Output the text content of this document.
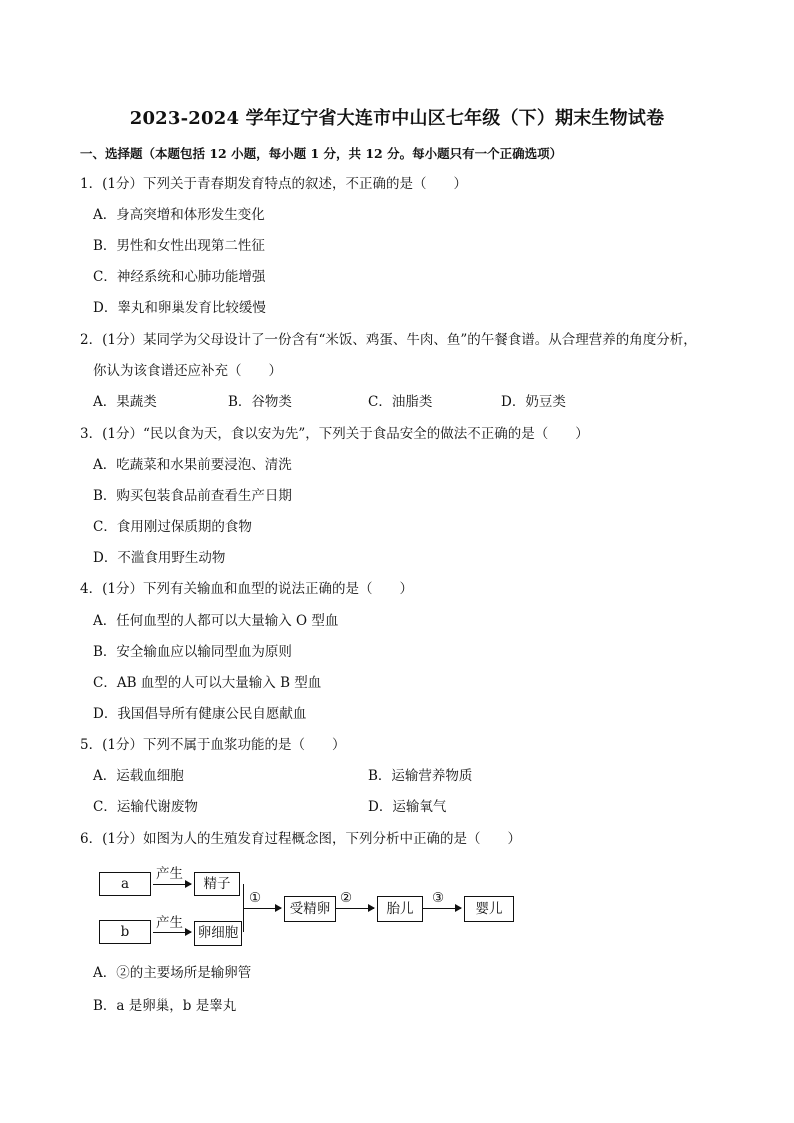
2023-2024 学年辽宁省大连市中山区七年级（下）期末生物试卷
一、选择题（本题包括 12 小题，每小题 1 分，共 12 分。每小题只有一个正确选项）
1．(1分）下列关于青春期发育特点的叙述，不正确的是（　　）
A．身高突增和体形发生变化
B．男性和女性出现第二性征
C．神经系统和心肺功能增强
D．睾丸和卵巢发育比较缓慢
2．(1分）某同学为父母设计了一份含有“米饭、鸡蛋、牛肉、鱼”的午餐食谱。从合理营养的角度分析，
你认为该食谱还应补充（　　）
A．果蔬类	B．谷物类	C．油脂类	D．奶豆类
3．(1分）“民以食为天，食以安为先”，下列关于食品安全的做法不正确的是（　　）
A．吃蔬菜和水果前要浸泡、清洗
B．购买包装食品前查看生产日期
C．食用刚过保质期的食物
D．不滥食用野生动物
4．(1分）下列有关输血和血型的说法正确的是（　　）
A．任何血型的人都可以大量输入 O 型血
B．安全输血应以输同型血为原则
C．AB 血型的人可以大量输入 B 型血
D．我国倡导所有健康公民自愿献血
5．(1分）下列不属于血浆功能的是（　　）
A．运载血细胞	B．运输营养物质
C．运输代谢废物	D．运输氧气
6．(1分）如图为人的生殖发育过程概念图，下列分析中正确的是（　　）
a
b
产生
产生
精子
卵细胞
①
受精卵
②
胎儿
③
婴儿
A．②的主要场所是输卵管
B．a 是卵巢，b 是睾丸
